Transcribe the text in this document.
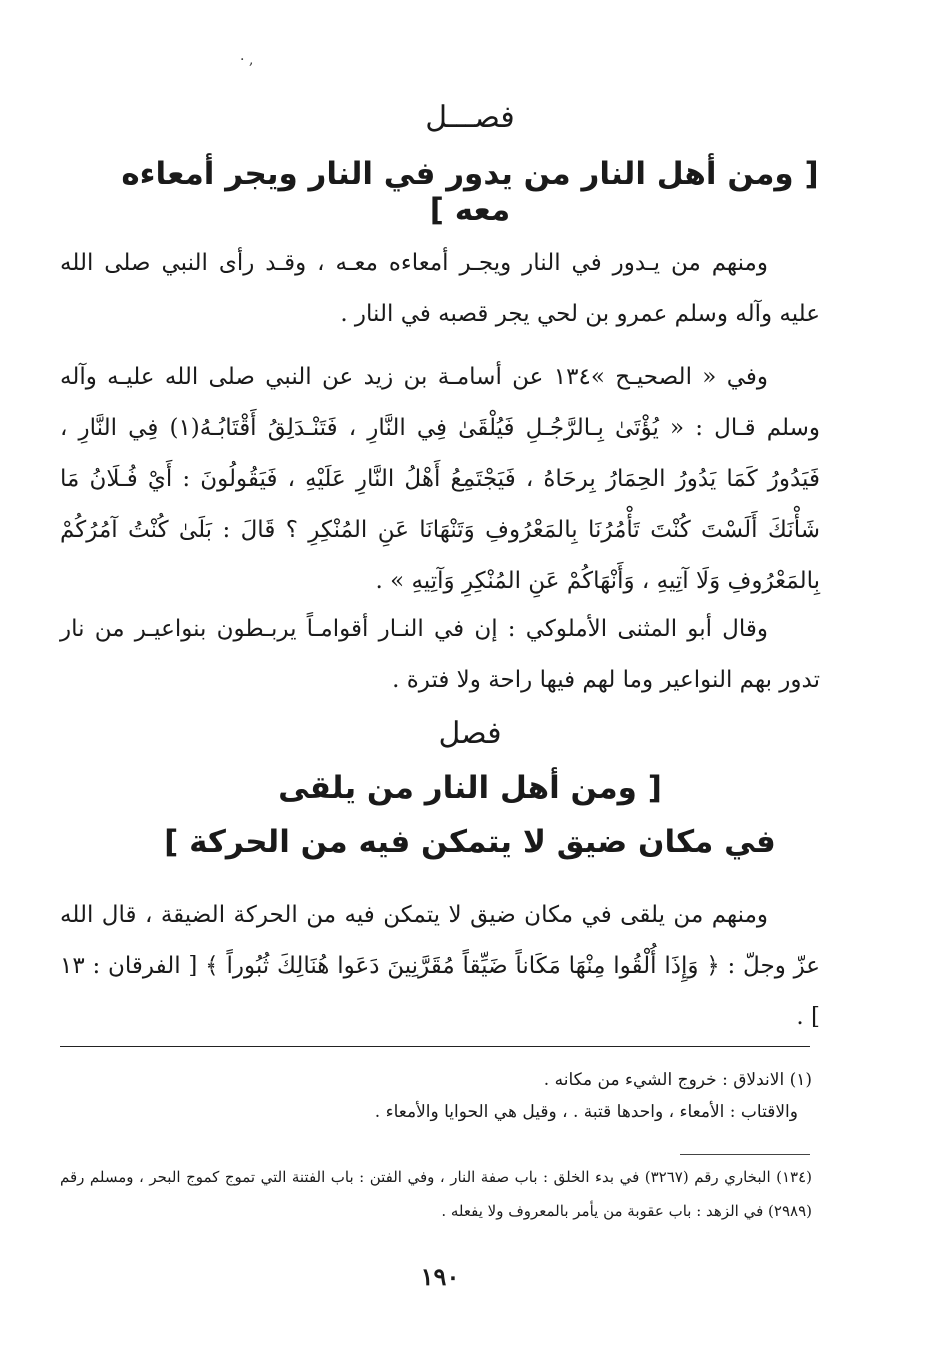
· ‚
فصـــل
[ ومن أهل النار من يدور في النار ويجر أمعاءه معه ]
ومنهم من يـدور في النار ويجـر أمعاءه معـه ، وقـد رأى النبي صلى الله عليه وآله وسلم عمرو بن لحي يجر قصبه في النار .
وفي « الصحيـح »١٣٤ عن أسامـة بن زيد عن النبي صلى الله عليـه وآله وسلم قـال : « يُؤْتَىٰ بِـالرَّجُـلِ فَيُلْقَىٰ فِي النَّارِ ، فَتَنْـدَلِقُ أَقْتَابُـهُ(١) فِي النَّارِ ، فَيَدُورُ كَمَا يَدُورُ الحِمَارُ بِرحَاهُ ، فَيَجْتَمِعُ أَهْلُ النَّارِ عَلَيْهِ ، فَيَقُولُونَ : أَيْ فُـلَانُ مَا شَأْنَكَ أَلَسْتَ كُنْتَ تَأْمُرُنَا بِالمَعْرُوفِ وَتَنْهَانَا عَنِ المُنْكِرِ ؟ قَالَ : بَلَىٰ كُنْتُ آمُرُكُمْ بِالمَعْرُوفِ وَلَا آتِيهِ ، وَأَنْهَاكُمْ عَنِ المُنْكِرِ وَآتِيهِ » .
وقال أبو المثنى الأملوكي : إن في النـار أقوامـاً يربـطون بنواعيـر من نار تدور بهم النواعير وما لهم فيها راحة ولا فترة .
فصل
[ ومن أهل النار من يلقى
في مكان ضيق لا يتمكن فيه من الحركة ]
ومنهم من يلقى في مكان ضيق لا يتمكن فيه من الحركة الضيقة ، قال الله عزّ وجلّ : ﴿ وَإِذَا أُلْقُوا مِنْهَا مَكَاناً ضَيِّقاً مُقَرَّنِينَ دَعَوا هُنَالِكَ ثُبُوراً ﴾ [ الفرقان : ١٣ ] .
(١) الاندلاق : خروج الشيء من مكانه .
والاقتاب : الأمعاء ، واحدها قتبة . ، وقيل هي الحوايا والأمعاء .
(١٣٤) البخاري رقم (٣٢٦٧) في بدء الخلق : باب صفة النار ، وفي الفتن : باب الفتنة التي تموج كموج البحر ، ومسلم رقم (٢٩٨٩) في الزهد : باب عقوبة من يأمر بالمعروف ولا يفعله .
١٩٠
